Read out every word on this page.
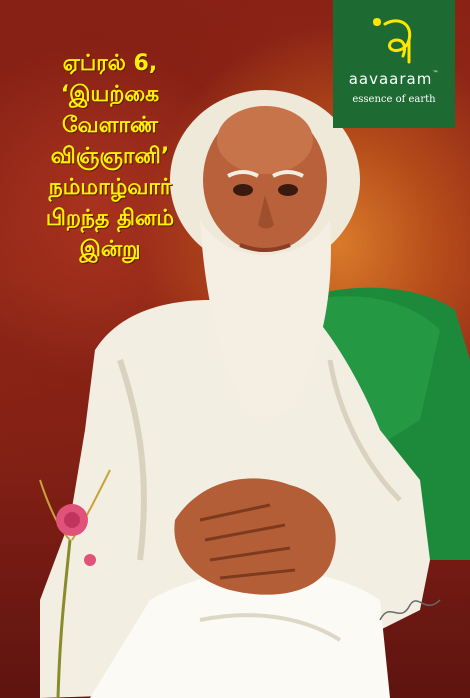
ஏப்ரல் 6,
‘இயற்கை
வேளாண்
விஞ்ஞானி’
நம்மாழ்வார்
பிறந்த தினம்
இன்று
aavaaram™
essence of earth
